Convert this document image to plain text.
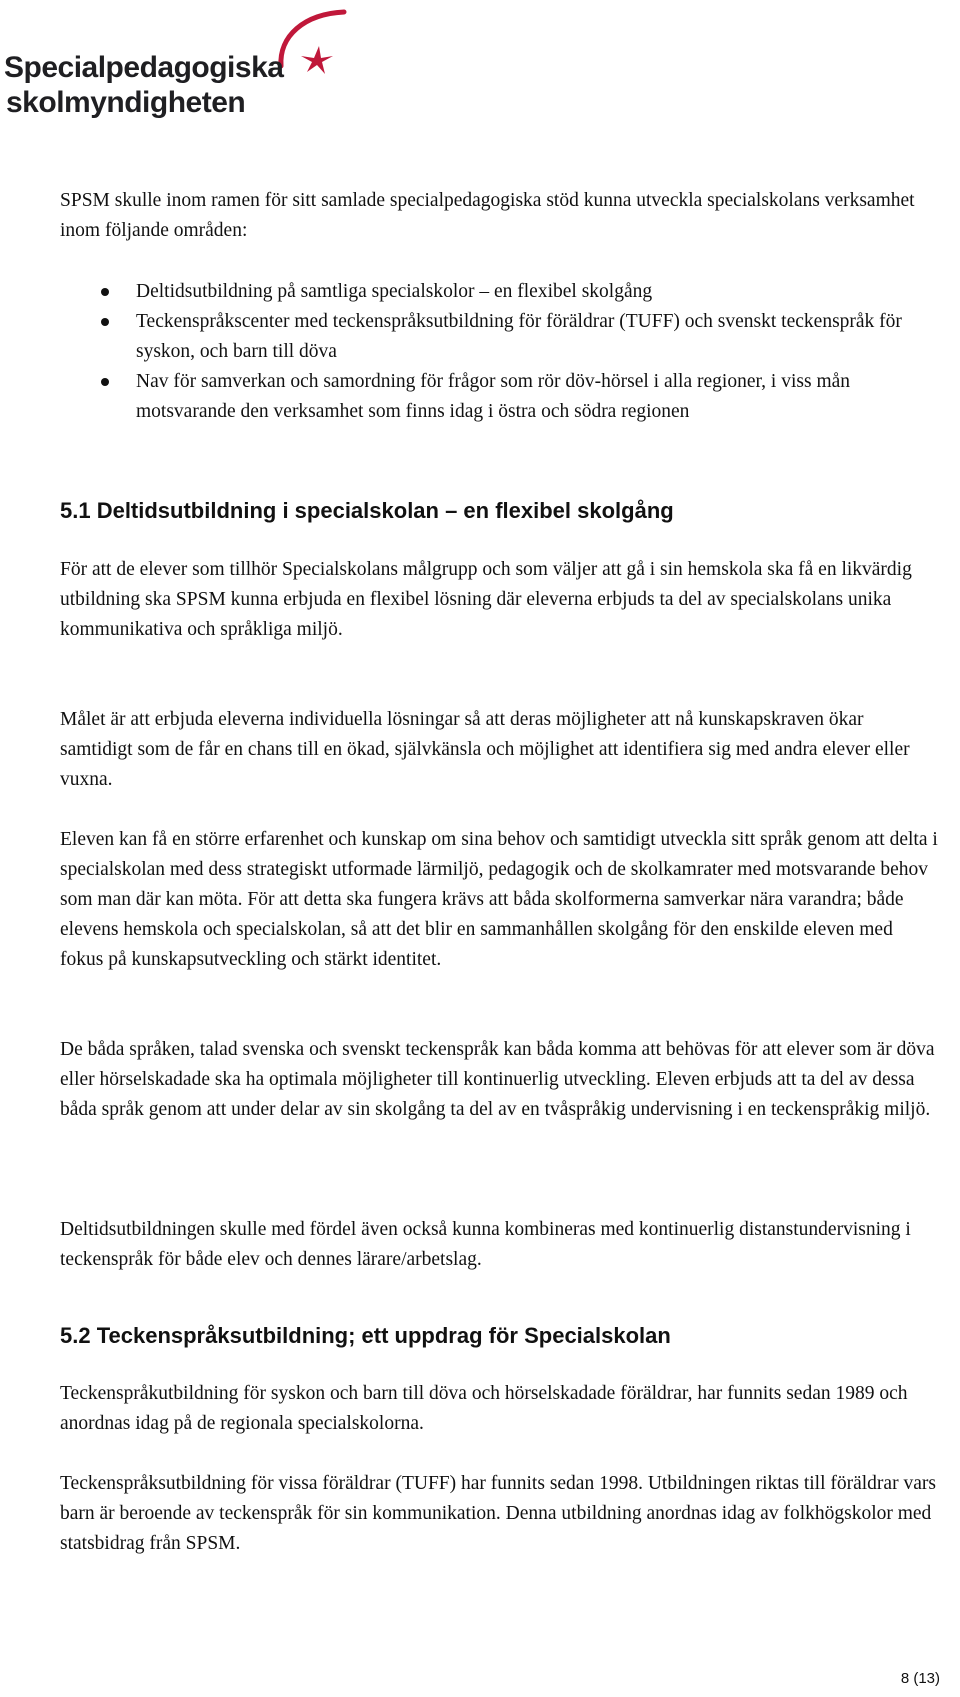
Specialpedagogiska
skolmyndigheten

SPSM skulle inom ramen för sitt samlade specialpedagogiska stöd kunna utveckla specialskolans verksamhet inom följande områden:

Deltidsutbildning på samtliga specialskolor – en flexibel skolgång
Teckenspråkscenter med teckenspråksutbildning för föräldrar (TUFF) och svenskt teckenspråk för syskon, och barn till döva
Nav för samverkan och samordning för frågor som rör döv-hörsel i alla regioner, i viss mån motsvarande den verksamhet som finns idag i östra och södra regionen
5.1 Deltidsutbildning i specialskolan – en flexibel skolgång

För att de elever som tillhör Specialskolans målgrupp och som väljer att gå i sin hemskola ska få en likvärdig utbildning ska SPSM kunna erbjuda en flexibel lösning där eleverna erbjuds ta del av specialskolans unika kommunikativa och språkliga miljö.

Målet är att erbjuda eleverna individuella lösningar så att deras möjligheter att nå kunskapskraven ökar samtidigt som de får en chans till en ökad, självkänsla och möjlighet att identifiera sig med andra elever eller vuxna.

Eleven kan få en större erfarenhet och kunskap om sina behov och samtidigt utveckla sitt språk genom att delta i specialskolan med dess strategiskt utformade lärmiljö, pedagogik och de skolkamrater med motsvarande behov som man där kan möta. För att detta ska fungera krävs att båda skolformerna samverkar nära varandra; både elevens hemskola och specialskolan, så att det blir en sammanhållen skolgång för den enskilde eleven med fokus på kunskapsutveckling och stärkt identitet.

De båda språken, talad svenska och svenskt teckenspråk kan båda komma att behövas för att elever som är döva eller hörselskadade ska ha optimala möjligheter till kontinuerlig utveckling. Eleven erbjuds att ta del av dessa båda språk genom att under delar av sin skolgång ta del av en tvåspråkig undervisning i en teckenspråkig miljö.

Deltidsutbildningen skulle med fördel även också kunna kombineras med kontinuerlig distanstundervisning i teckenspråk för både elev och dennes lärare/arbetslag.

5.2 Teckenspråksutbildning; ett uppdrag för Specialskolan

Teckenspråkutbildning för syskon och barn till döva och hörselskadade föräldrar, har funnits sedan 1989 och anordnas idag på de regionala specialskolorna.

Teckenspråksutbildning för vissa föräldrar (TUFF) har funnits sedan 1998. Utbildningen riktas till föräldrar vars barn är beroende av teckenspråk för sin kommunikation. Denna utbildning anordnas idag av folkhögskolor med statsbidrag från SPSM.

8 (13)
